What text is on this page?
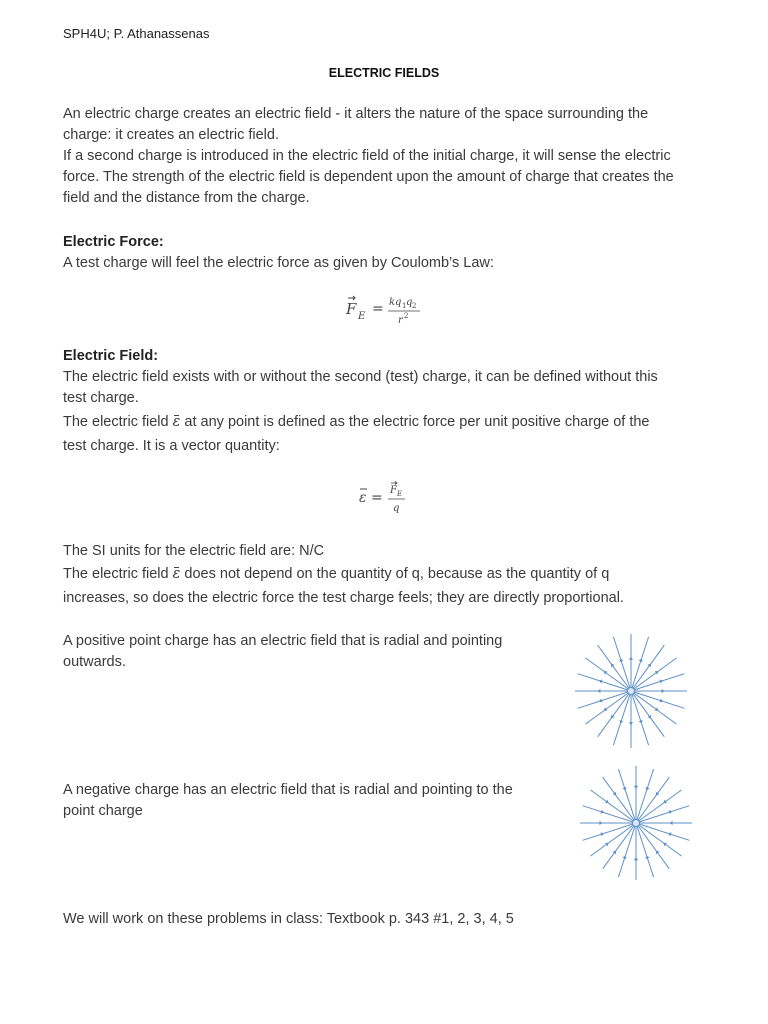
SPH4U; P. Athanassenas
ELECTRIC FIELDS
An electric charge creates an electric field - it alters the nature of the space surrounding the
charge: it creates an electric field.
If a second charge is introduced in the electric field of the initial charge, it will sense the electric
force. The strength of the electric field is dependent upon the amount of charge that creates the
field and the distance from the charge.
Electric Force:
A test charge will feel the electric force as given by Coulomb’s Law:
F E = kq 1 q 2
r 2
Electric Field:
The electric field exists with or without the second (test) charge, it can be defined without this
test charge.
The electric field ε at any point is defined as the electric force per unit positive charge of the
test charge. It is a vector quantity:
ε = F E
q
The SI units for the electric field are: N/C
The electric field ε does not depend on the quantity of q, because as the quantity of q
increases, so does the electric force the test charge feels; they are directly proportional.
A positive point charge has an electric field that is radial and pointing
outwards.
A negative charge has an electric field that is radial and pointing to the
point charge
We will work on these problems in class: Textbook p. 343 #1, 2, 3, 4, 5
